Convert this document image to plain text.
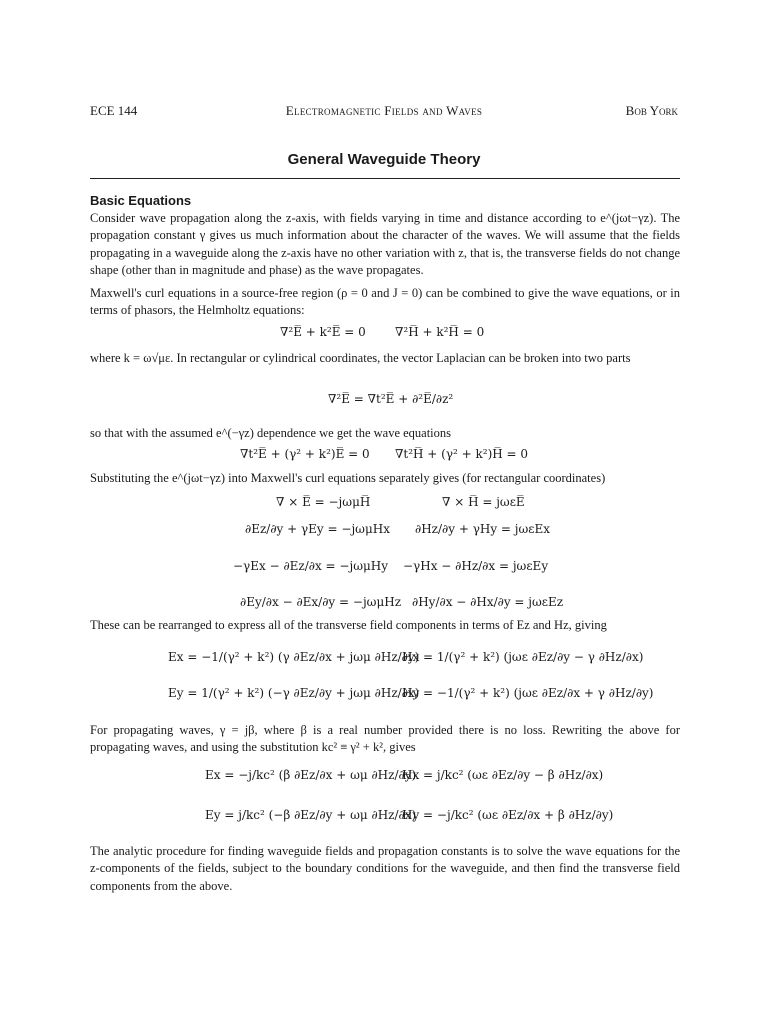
ECE 144	Electromagnetic Fields and Waves	Bob York
General Waveguide Theory
Basic Equations
Consider wave propagation along the z-axis, with fields varying in time and distance according to e^(jωt−γz). The propagation constant γ gives us much information about the character of the waves. We will assume that the fields propagating in a waveguide along the z-axis have no other variation with z, that is, the transverse fields do not change shape (other than in magnitude and phase) as the wave propagates.
Maxwell's curl equations in a source-free region (ρ = 0 and J = 0) can be combined to give the wave equations, or in terms of phasors, the Helmholtz equations:
∇²E̅ + k²E̅ = 0 ∇²H̅ + k²H̅ = 0
where k = ω√με. In rectangular or cylindrical coordinates, the vector Laplacian can be broken into two parts
∇²E̅ = ∇t²E̅ + ∂²E̅/∂z²
so that with the assumed e^(−γz) dependence we get the wave equations
∇t²E̅ + (γ² + k²)E̅ = 0 ∇t²H̅ + (γ² + k²)H̅ = 0
Substituting the e^(jωt−γz) into Maxwell's curl equations separately gives (for rectangular coordinates)
∇ × E̅ = −jωμH̅	∇ × H̅ = jωεE̅
∂Ez/∂y + γEy = −jωμHx ∂Hz/∂y + γHy = jωεEx
−γEx − ∂Ez/∂x = −jωμHy −γHx − ∂Hz/∂x = jωεEy
∂Ey/∂x − ∂Ex/∂y = −jωμHz ∂Hy/∂x − ∂Hx/∂y = jωεEz
These can be rearranged to express all of the transverse field components in terms of Ez and Hz, giving
Ex = −1/(γ² + k²) (γ ∂Ez/∂x + jωμ ∂Hz/∂y)
Hx = 1/(γ² + k²) (jωε ∂Ez/∂y − γ ∂Hz/∂x)
Ey = 1/(γ² + k²) (−γ ∂Ez/∂y + jωμ ∂Hz/∂x)
Hy = −1/(γ² + k²) (jωε ∂Ez/∂x + γ ∂Hz/∂y)
For propagating waves, γ = jβ, where β is a real number provided there is no loss. Rewriting the above for propagating waves, and using the substitution kc² ≡ γ² + k², gives
Ex = −j/kc² (β ∂Ez/∂x + ωμ ∂Hz/∂y)
Hx = j/kc² (ωε ∂Ez/∂y − β ∂Hz/∂x)
Ey = j/kc² (−β ∂Ez/∂y + ωμ ∂Hz/∂x)
Hy = −j/kc² (ωε ∂Ez/∂x + β ∂Hz/∂y)
The analytic procedure for finding waveguide fields and propagation constants is to solve the wave equations for the z-components of the fields, subject to the boundary conditions for the waveguide, and then find the transverse field components from the above.
